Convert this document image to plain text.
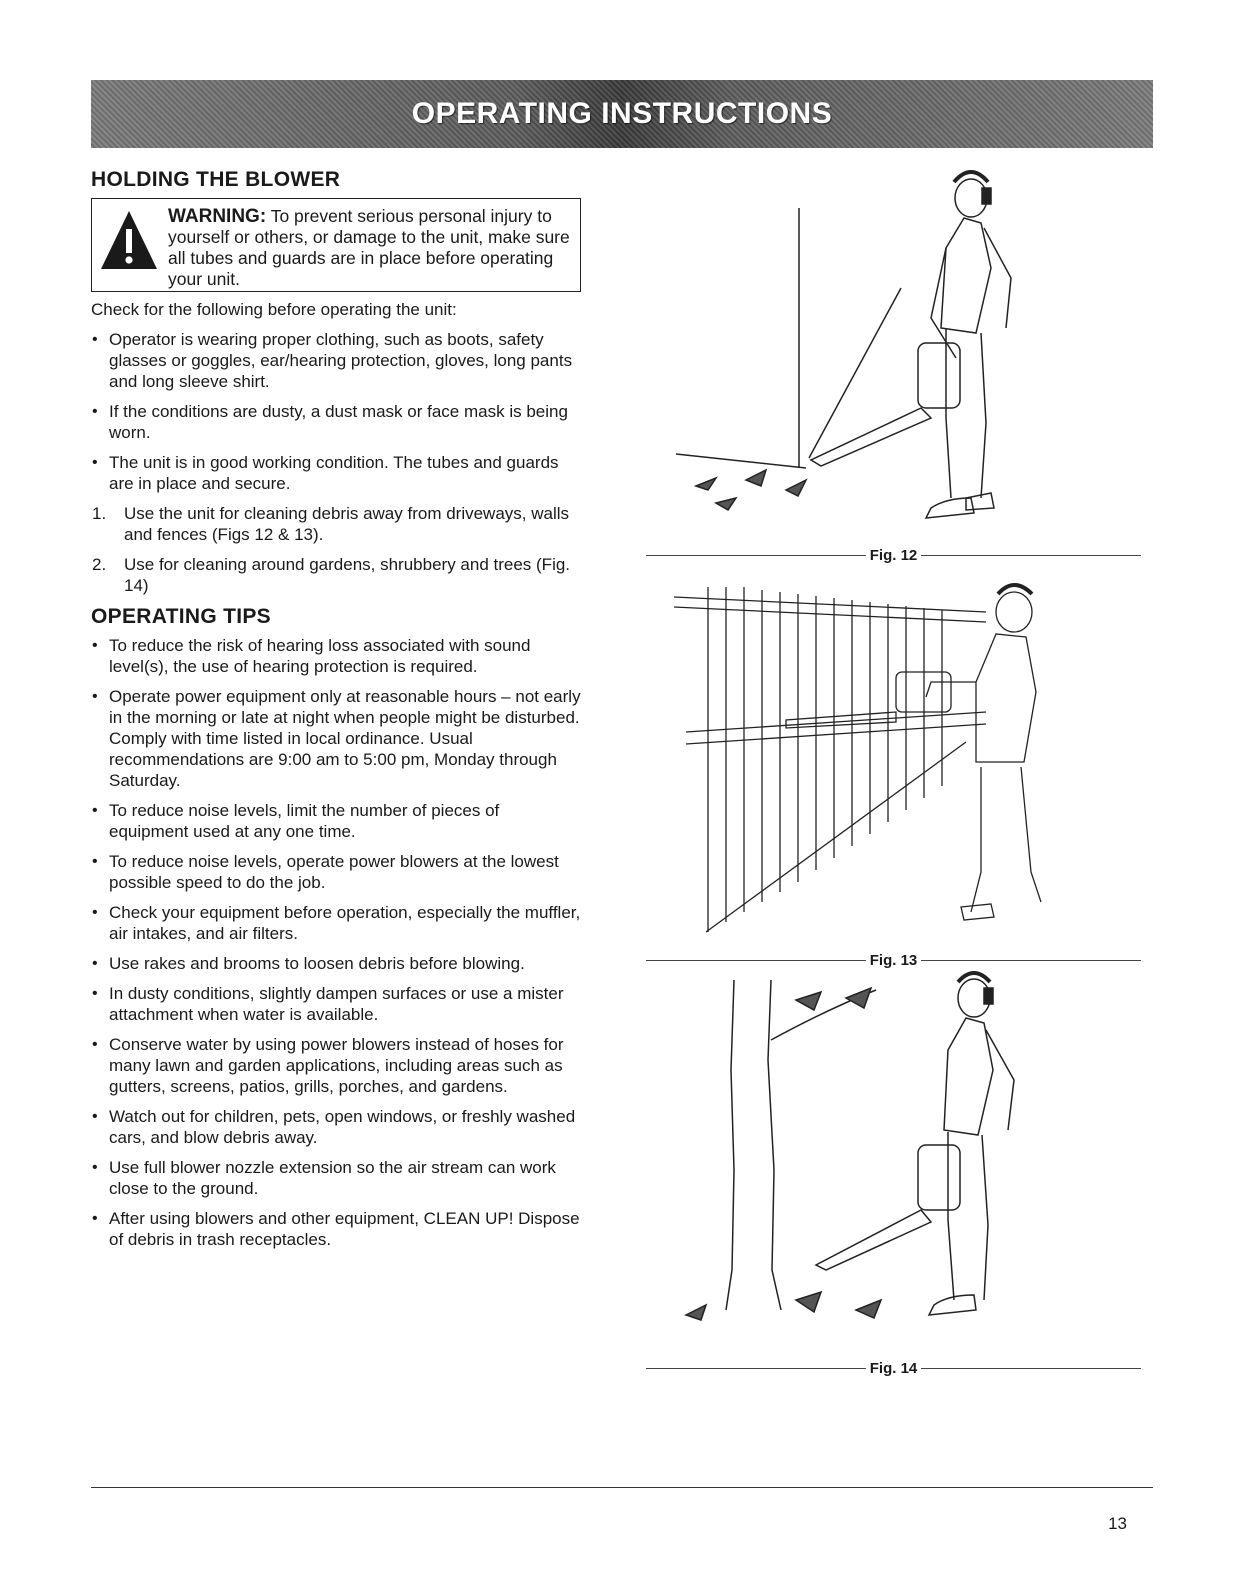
OPERATING INSTRUCTIONS
HOLDING THE BLOWER

WARNING: To prevent serious personal injury to yourself or others, or damage to the unit, make sure all tubes and guards are in place before operating your unit.

Check for the following before operating the unit:

• Operator is wearing proper clothing, such as boots, safety glasses or goggles, ear/hearing protection, gloves, long pants and long sleeve shirt.
• If the conditions are dusty, a dust mask or face mask is being worn.
• The unit is in good working condition. The tubes and guards are in place and secure.
1. Use the unit for cleaning debris away from driveways, walls and fences (Figs 12 & 13).
2. Use for cleaning around gardens, shrubbery and trees (Fig. 14)
OPERATING TIPS
• To reduce the risk of hearing loss associated with sound level(s), the use of hearing protection is required.
• Operate power equipment only at reasonable hours – not early in the morning or late at night when people might be disturbed. Comply with time listed in local ordinance. Usual recommendations are 9:00 am to 5:00 pm, Monday through Saturday.
• To reduce noise levels, limit the number of pieces of equipment used at any one time.
• To reduce noise levels, operate power blowers at the lowest possible speed to do the job.
• Check your equipment before operation, especially the muffler, air intakes, and air filters.
• Use rakes and brooms to loosen debris before blowing.
• In dusty conditions, slightly dampen surfaces or use a mister attachment when water is available.
• Conserve water by using power blowers instead of hoses for many lawn and garden applications, including areas such as gutters, screens, patios, grills, porches, and gardens.
• Watch out for children, pets, open windows, or freshly washed cars, and blow debris away.
• Use full blower nozzle extension so the air stream can work close to the ground.
• After using blowers and other equipment, CLEAN UP! Dispose of debris in trash receptacles.
Fig. 12
Fig. 13
Fig. 14
13
